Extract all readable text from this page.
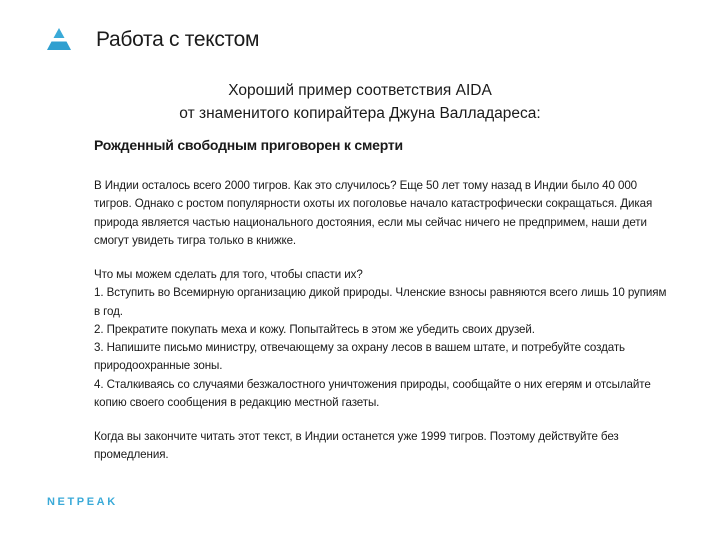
Работа с текстом
Хороший пример соответствия AIDA
от знаменитого копирайтера Джуна Валладареса:
Рожденный свободным приговорен к смерти

В Индии осталось всего 2000 тигров. Как это случилось? Еще 50 лет тому назад в Индии было 40 000 тигров. Однако с ростом популярности охоты их поголовье начало катастрофически сокращаться. Дикая природа является частью национального достояния, если мы сейчас ничего не предпримем, наши дети смогут увидеть тигра только в книжке.

Что мы можем сделать для того, чтобы спасти их?

1. Вступить во Всемирную организацию дикой природы. Членские взносы равняются всего лишь 10 рупиям в год.

2. Прекратите покупать меха и кожу. Попытайтесь в этом же убедить своих друзей.

3. Напишите письмо министру, отвечающему за охрану лесов в вашем штате, и потребуйте создать природоохранные зоны.

4. Сталкиваясь со случаями безжалостного уничтожения природы, сообщайте о них егерям и отсылайте копию своего сообщения в редакцию местной газеты.

Когда вы закончите читать этот текст, в Индии останется уже 1999 тигров. Поэтому действуйте без промедления.

NETPEAK
